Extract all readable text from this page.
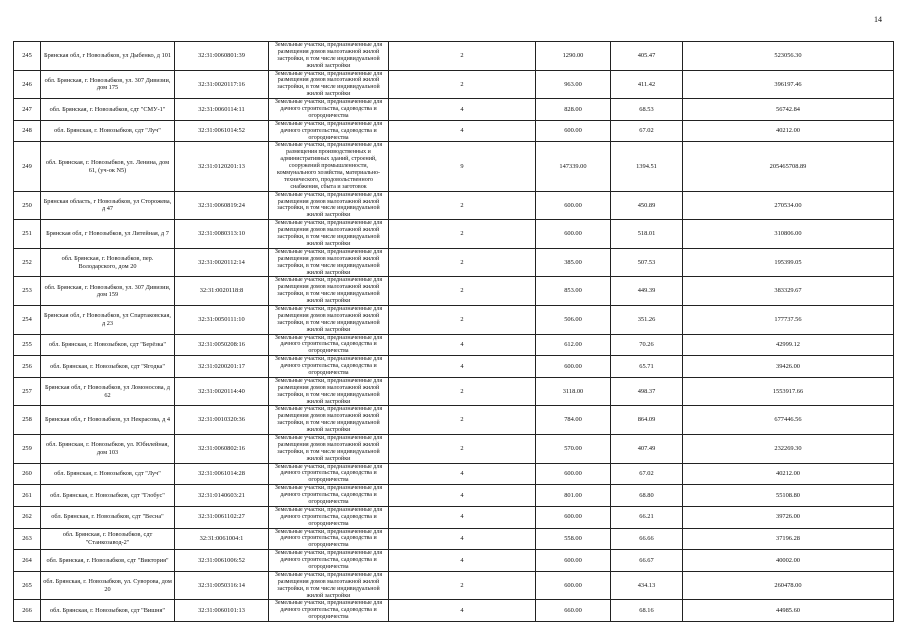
14
245	Брянская обл, г Новозыбков, ул Дыбенко, д 101	32:31:0060801:39	Земельные участки, предназначенные для размещения домов малоэтажной жилой застройки, в том числе индивидуальной жилой застройки	2	1290.00	405.47	523056.30
246	обл. Брянская, г. Новозыбков, ул. 307 Дивизии, дом 175	32:31:0020117:16	Земельные участки, предназначенные для размещения домов малоэтажной жилой застройки, в том числе индивидуальной жилой застройки	2	963.00	411.42	396197.46
247	обл. Брянская, г. Новозыбков, сдт "СМУ-1"	32:31:0060114:11	Земельные участки, предназначенные для дачного строительства, садоводства и огородничества	4	828.00	68.53	56742.84
248	обл. Брянская, г. Новозыбков, сдт "Луч"	32:31:0061014:52	Земельные участки, предназначенные для дачного строительства, садоводства и огородничества	4	600.00	67.02	40212.00
249	обл. Брянская, г. Новозыбков, ул. Ленина, дом 61, (уч-ок N5)	32:31:0120201:13	Земельные участки, предназначенные для размещения производственных и административных зданий, строений, сооружений промышленности, коммунального хозяйства, материально-технического, продовольственного снабжения, сбыта и заготовок	9	147339.00	1394.51	205465708.89
250	Брянская область, г Новозыбков, ул Сторожева, д 47	32:31:0060819:24	Земельные участки, предназначенные для размещения домов малоэтажной жилой застройки, в том числе индивидуальной жилой застройки	2	600.00	450.89	270534.00
251	Брянская обл, г Новозыбков, ул Литейная, д 7	32:31:0080313:10	Земельные участки, предназначенные для размещения домов малоэтажной жилой застройки, в том числе индивидуальной жилой застройки	2	600.00	518.01	310806.00
252	обл. Брянская, г. Новозыбков, пер. Володарского, дом 20	32:31:0020112:14	Земельные участки, предназначенные для размещения домов малоэтажной жилой застройки, в том числе индивидуальной жилой застройки	2	385.00	507.53	195399.05
253	обл. Брянская, г. Новозыбков, ул. 307 Дивизии, дом 159	32:31:0020118:8	Земельные участки, предназначенные для размещения домов малоэтажной жилой застройки, в том числе индивидуальной жилой застройки	2	853.00	449.39	383329.67
254	Брянская обл, г Новозыбков, ул Спартаковская, д 23	32:31:0050111:10	Земельные участки, предназначенные для размещения домов малоэтажной жилой застройки, в том числе индивидуальной жилой застройки	2	506.00	351.26	177737.56
255	обл. Брянская, г. Новозыбков, сдт "Берёзка"	32:31:0050208:16	Земельные участки, предназначенные для дачного строительства, садоводства и огородничества	4	612.00	70.26	42999.12
256	обл. Брянская, г. Новозыбков, сдт "Ягодка"	32:31:0200201:17	Земельные участки, предназначенные для дачного строительства, садоводства и огородничества	4	600.00	65.71	39426.00
257	Брянская обл, г Новозыбков, ул Ломоносова, д 62	32:31:0020114:40	Земельные участки, предназначенные для размещения домов малоэтажной жилой застройки, в том числе индивидуальной жилой застройки	2	3118.00	498.37	1553917.66
258	Брянская обл, г Новозыбков, ул Некрасова, д 4	32:31:0010320:36	Земельные участки, предназначенные для размещения домов малоэтажной жилой застройки, в том числе индивидуальной жилой застройки	2	784.00	864.09	677446.56
259	обл. Брянская, г. Новозыбков, ул. Юбилейная, дом 103	32:31:0060802:16	Земельные участки, предназначенные для размещения домов малоэтажной жилой застройки, в том числе индивидуальной жилой застройки	2	570.00	407.49	232269.30
260	обл. Брянская, г. Новозыбков, сдт "Луч"	32:31:0061014:28	Земельные участки, предназначенные для дачного строительства, садоводства и огородничества	4	600.00	67.02	40212.00
261	обл. Брянская, г. Новозыбков, сдт "Глобус"	32:31:0140603:21	Земельные участки, предназначенные для дачного строительства, садоводства и огородничества	4	801.00	68.80	55108.80
262	обл. Брянская, г. Новозыбков, сдт "Весна"	32:31:0061102:27	Земельные участки, предназначенные для дачного строительства, садоводства и огородничества	4	600.00	66.21	39726.00
263	обл. Брянская, г. Новозыбков, сдт "Станкозавод-2"	32:31:0061004:1	Земельные участки, предназначенные для дачного строительства, садоводства и огородничества	4	558.00	66.66	37196.28
264	обл. Брянская, г. Новозыбков, сдт "Виктория"	32:31:0061006:52	Земельные участки, предназначенные для дачного строительства, садоводства и огородничества	4	600.00	66.67	40002.00
265	обл. Брянская, г. Новозыбков, ул. Суворова, дом 20	32:31:0050316:14	Земельные участки, предназначенные для размещения домов малоэтажной жилой застройки, в том числе индивидуальной жилой застройки	2	600.00	434.13	260478.00
266	обл. Брянская, г. Новозыбков, сдт "Вишня"	32:31:0060101:13	Земельные участки, предназначенные для дачного строительства, садоводства и огородничества	4	660.00	68.16	44985.60
